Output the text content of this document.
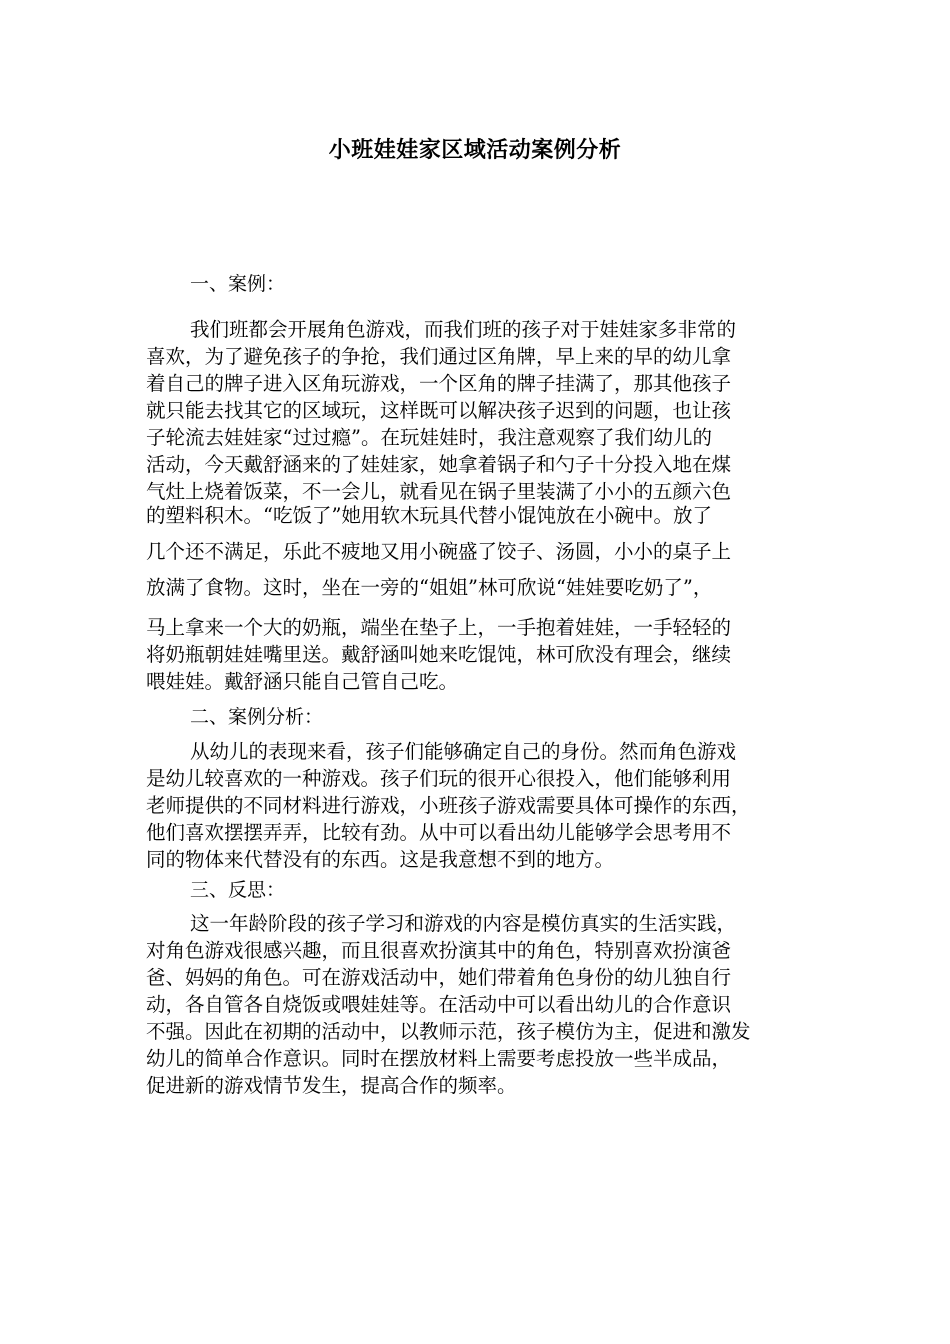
小班娃娃家区域活动案例分析
一、案例：
我们班都会开展角色游戏，而我们班的孩子对于娃娃家多非常的
喜欢，为了避免孩子的争抢，我们通过区角牌，早上来的早的幼儿拿
着自己的牌子进入区角玩游戏，一个区角的牌子挂满了，那其他孩子
就只能去找其它的区域玩，这样既可以解决孩子迟到的问题，也让孩
子轮流去娃娃家“过过瘾”。在玩娃娃时，我注意观察了我们幼儿的
活动，今天戴舒涵来的了娃娃家，她拿着锅子和勺子十分投入地在煤
气灶上烧着饭菜，不一会儿，就看见在锅子里装满了小小的五颜六色
的塑料积木。“吃饭了”她用软木玩具代替小馄饨放在小碗中。放了
几个还不满足，乐此不疲地又用小碗盛了饺子、汤圆，小小的桌子上
放满了食物。这时，坐在一旁的“姐姐”林可欣说“娃娃要吃奶了”，
马上拿来一个大的奶瓶，端坐在垫子上，一手抱着娃娃，一手轻轻的
将奶瓶朝娃娃嘴里送。戴舒涵叫她来吃馄饨，林可欣没有理会，继续
喂娃娃。戴舒涵只能自己管自己吃。
二、案例分析：
从幼儿的表现来看，孩子们能够确定自己的身份。然而角色游戏
是幼儿较喜欢的一种游戏。孩子们玩的很开心很投入，他们能够利用
老师提供的不同材料进行游戏，小班孩子游戏需要具体可操作的东西，
他们喜欢摆摆弄弄，比较有劲。从中可以看出幼儿能够学会思考用不
同的物体来代替没有的东西。这是我意想不到的地方。
三、反思：
这一年龄阶段的孩子学习和游戏的内容是模仿真实的生活实践，
对角色游戏很感兴趣，而且很喜欢扮演其中的角色，特别喜欢扮演爸
爸、妈妈的角色。可在游戏活动中，她们带着角色身份的幼儿独自行
动，各自管各自烧饭或喂娃娃等。在活动中可以看出幼儿的合作意识
不强。因此在初期的活动中，以教师示范，孩子模仿为主，促进和激发
幼儿的简单合作意识。同时在摆放材料上需要考虑投放一些半成品，
促进新的游戏情节发生，提高合作的频率。
